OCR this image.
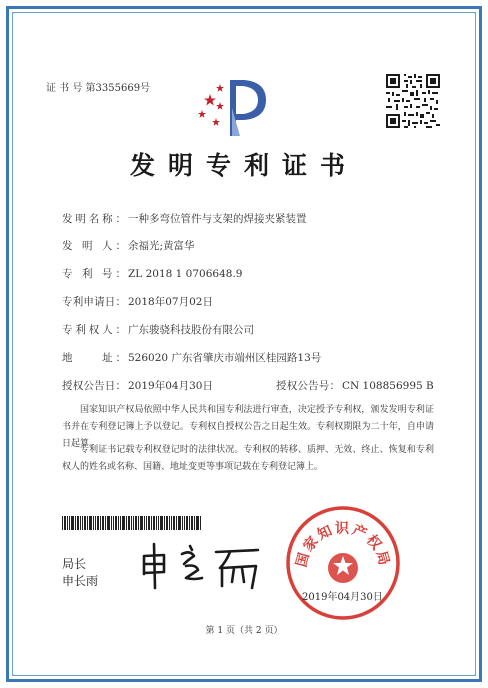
证 书 号 第3355669号
发明专利证书
发明名称： 一种多弯位管件与支架的焊接夹紧装置
发 明 人： 余福光;黄富华
专 利 号： ZL 2018 1 0706648.9
专利申请日： 2018年07月02日
专利权人： 广东骏骁科技股份有限公司
地　　址： 526020 广东省肇庆市端州区桂园路13号
授权公告日： 2019年04月30日	授权公告号： CN 108856995 B
国家知识产权局依照中华人民共和国专利法进行审查，决定授予专利权，颁发发明专利证书并在专利登记簿上予以登记。专利权自授权公告之日起生效。专利权期限为二十年，自申请日起算。
专利证书记载专利权登记时的法律状况。专利权的转移、质押、无效、终止、恢复和专利权人的姓名或名称、国籍、地址变更等事项记载在专利登记簿上。
局长
申长雨
国家知识产权局
2019年04月30日
第 1 页（共 2 页）
